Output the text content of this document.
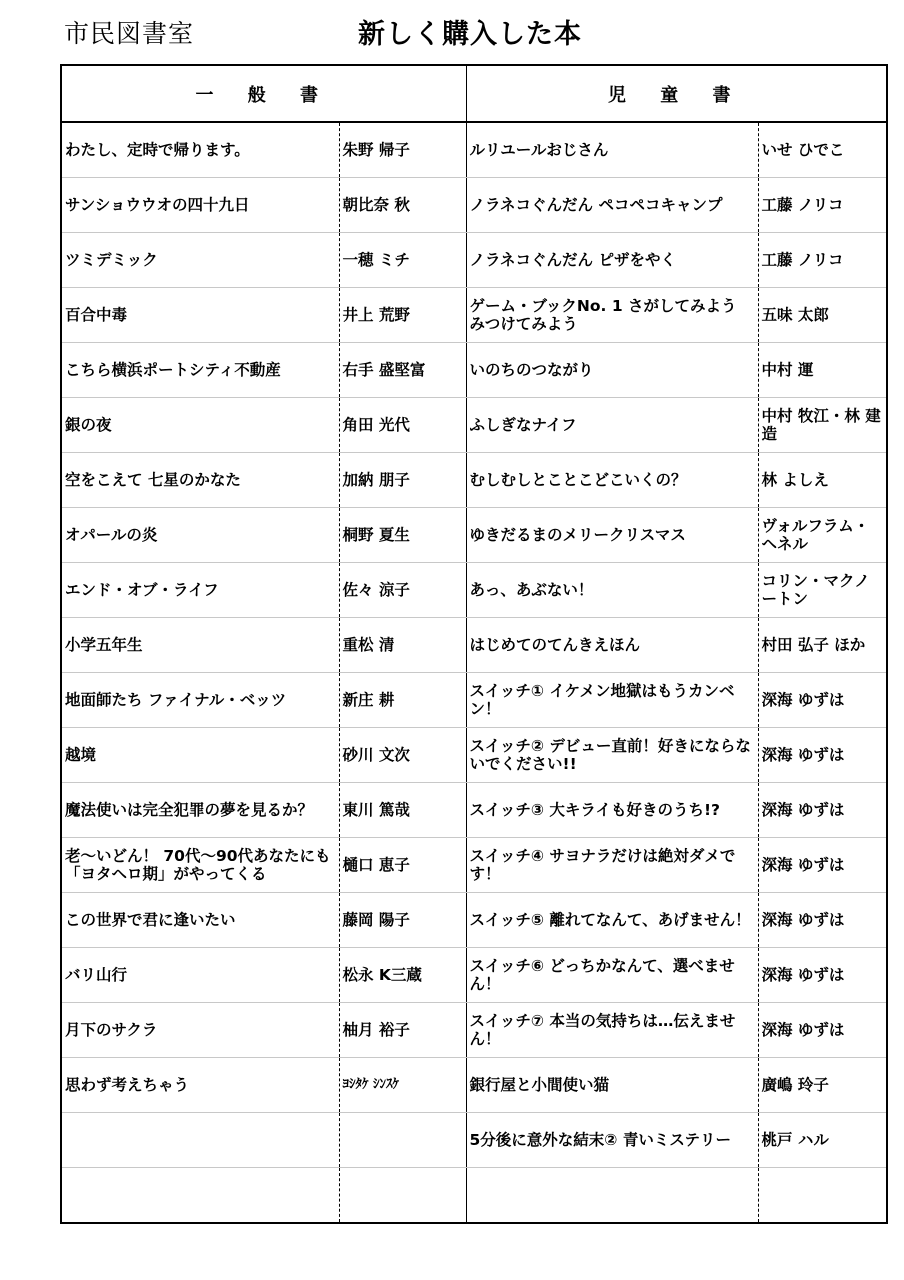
市民図書室	新しく購入した本
一 般 書		児 童 書	
わたし、定時で帰ります。	朱野 帰子	ルリユールおじさん	いせ ひでこ
サンショウウオの四十九日	朝比奈 秋	ノラネコぐんだん ペコペコキャンプ	工藤 ノリコ
ツミデミック	一穂 ミチ	ノラネコぐんだん ピザをやく	工藤 ノリコ
百合中毒	井上 荒野	ゲーム・ブックNo. 1 さがしてみよう みつけてみよう	五味 太郎
こちら横浜ポートシティ不動産	右手 盛堅富	いのちのつながり	中村 運
銀の夜	角田 光代	ふしぎなナイフ	中村 牧江・林 建造
空をこえて 七星のかなた	加納 朋子	むしむしとことこどこいくの？	林 よしえ
オパールの炎	桐野 夏生	ゆきだるまのメリークリスマス	ヴォルフラム・ヘネル
エンド・オブ・ライフ	佐々 涼子	あっ、あぶない！	コリン・マクノートン
小学五年生	重松 清	はじめてのてんきえほん	村田 弘子 ほか
地面師たち ファイナル・ベッツ	新庄 耕	スイッチ① イケメン地獄はもうカンベン！	深海 ゆずは
越境	砂川 文次	スイッチ② デビュー直前！好きにならないでください!!	深海 ゆずは
魔法使いは完全犯罪の夢を見るか？	東川 篤哉	スイッチ③ 大キライも好きのうち!?	深海 ゆずは
老～いどん！ 70代～90代あなたにも「ヨタヘロ期」がやってくる	樋口 恵子	スイッチ④ サヨナラだけは絶対ダメです！	深海 ゆずは
この世界で君に逢いたい	藤岡 陽子	スイッチ⑤ 離れてなんて、あげません！	深海 ゆずは
バリ山行	松永 K三蔵	スイッチ⑥ どっちかなんて、選べません！	深海 ゆずは
月下のサクラ	柚月 裕子	スイッチ⑦ 本当の気持ちは…伝えません！	深海 ゆずは
思わず考えちゃう	ﾖｼﾀｹ ｼﾝｽｹ	銀行屋と小間使い猫	廣嶋 玲子
		5分後に意外な結末② 青いミステリー	桃戸 ハル
